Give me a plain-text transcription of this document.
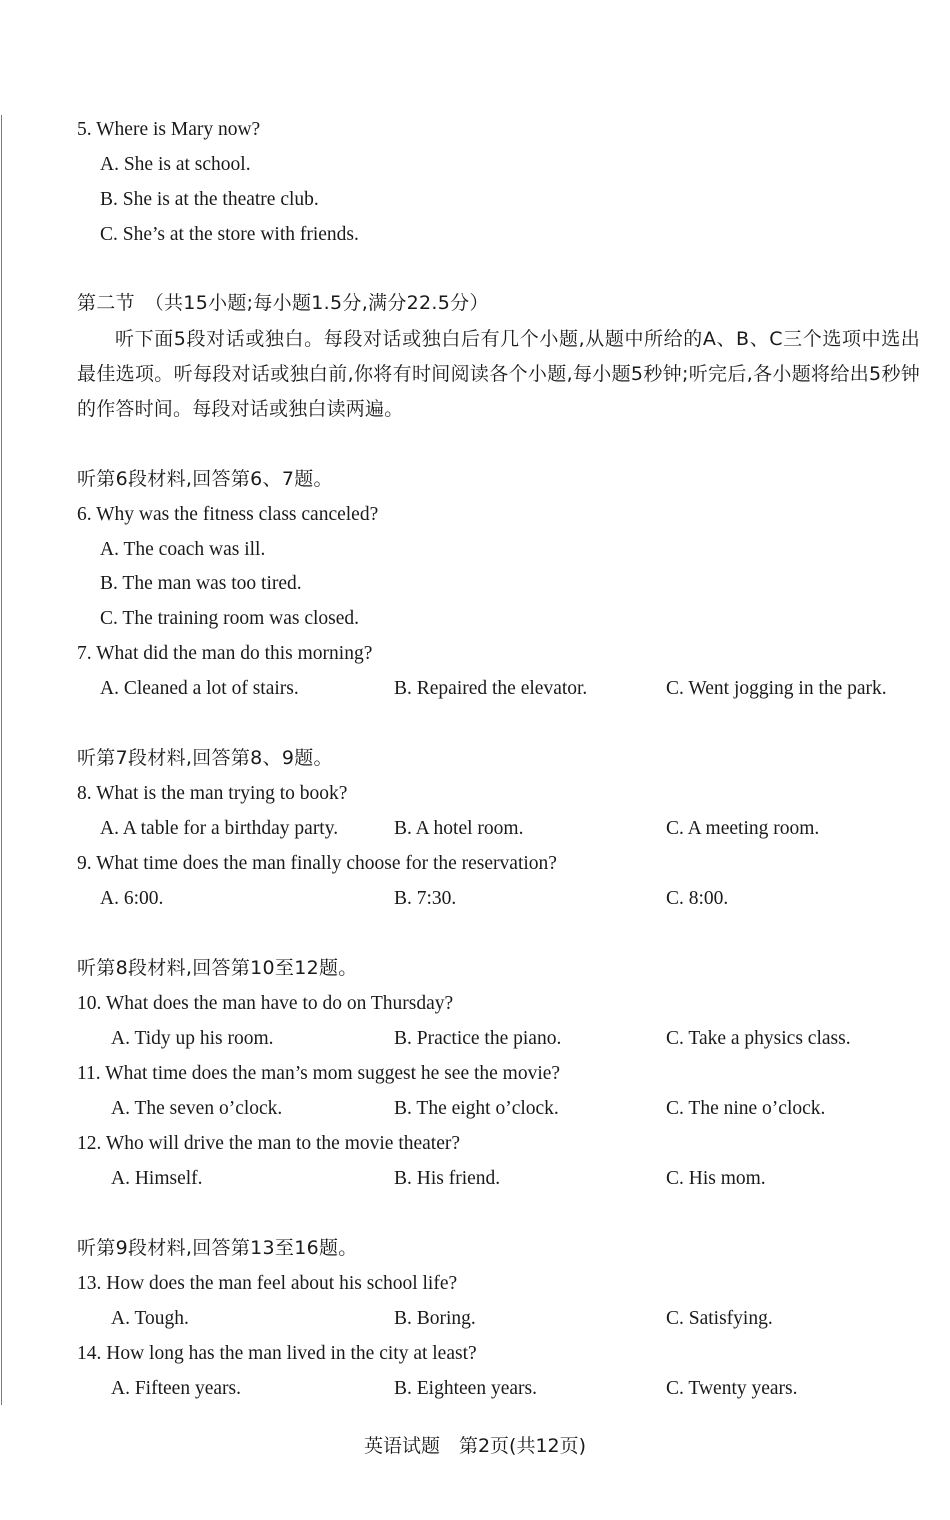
5. Where is Mary now?
A. She is at school.
B. She is at the theatre club.
C. She’s at the store with friends.
第二节　（共15小题;每小题1.5分,满分22.5分）
听下面5段对话或独白。每段对话或独白后有几个小题,从题中所给的A、B、C三个选项中选出最佳选项。听每段对话或独白前,你将有时间阅读各个小题,每小题5秒钟;听完后,各小题将给出5秒钟的作答时间。每段对话或独白读两遍。
听第6段材料,回答第6、7题。
6. Why was the fitness class canceled?
A. The coach was ill.
B. The man was too tired.
C. The training room was closed.
7. What did the man do this morning?
A. Cleaned a lot of stairs.	B. Repaired the elevator.	C. Went jogging in the park.
听第7段材料,回答第8、9题。
8. What is the man trying to book?
A. A table for a birthday party.	B. A hotel room.	C. A meeting room.
9. What time does the man finally choose for the reservation?
A. 6:00.	B. 7:30.	C. 8:00.
听第8段材料,回答第10至12题。
10. What does the man have to do on Thursday?
A. Tidy up his room.	B. Practice the piano.	C. Take a physics class.
11. What time does the man’s mom suggest he see the movie?
A. The seven o’clock.	B. The eight o’clock.	C. The nine o’clock.
12. Who will drive the man to the movie theater?
A. Himself.	B. His friend.	C. His mom.
听第9段材料,回答第13至16题。
13. How does the man feel about his school life?
A. Tough.	B. Boring.	C. Satisfying.
14. How long has the man lived in the city at least?
A. Fifteen years.	B. Eighteen years.	C. Twenty years.
英语试题　第2页(共12页)
